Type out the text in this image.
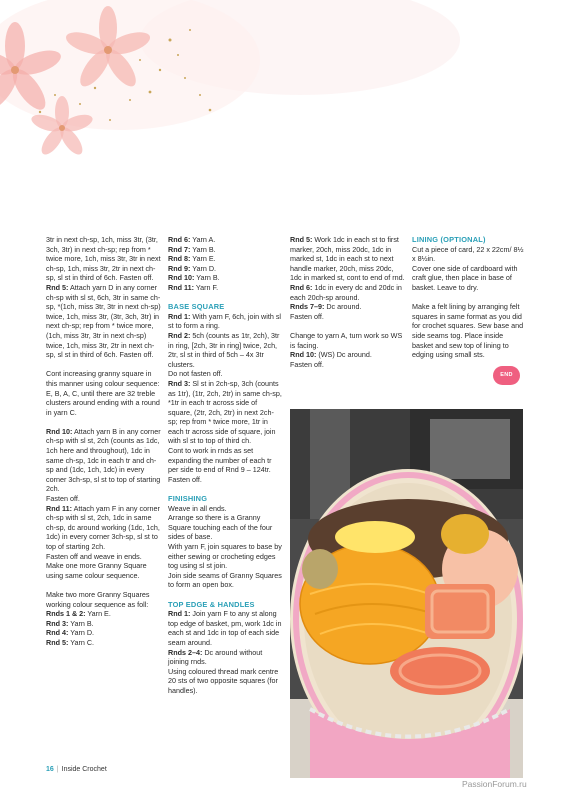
3tr in next ch-sp, 1ch, miss 3tr, (3tr, 3ch, 3tr) in next ch-sp; rep from * twice more, 1ch, miss 3tr, 3tr in next ch-sp, 1ch, miss 3tr, 2tr in next ch-sp, sl st in third of 6ch. Fasten off.

Rnd 5: Attach yarn D in any corner ch-sp with sl st, 6ch, 3tr in same ch-sp, *(1ch, miss 3tr, 3tr in next ch-sp) twice, 1ch, miss 3tr, (3tr, 3ch, 3tr) in next ch-sp; rep from * twice more, (1ch, miss 3tr, 3tr in next ch-sp) twice, 1ch, miss 3tr, 2tr in next ch-sp, sl st in third of 6ch. Fasten off.

Cont increasing granny square in this manner using colour sequence: E, B, A, C, until there are 32 treble clusters around ending with a round in yarn C.

Rnd 10: Attach yarn B in any corner ch-sp with sl st, 2ch (counts as 1dc, 1ch here and throughout), 1dc in same ch-sp, 1dc in each tr and ch-sp and (1dc, 1ch, 1dc) in every corner 3ch-sp, sl st to top of starting 2ch.

Fasten off.

Rnd 11: Attach yarn F in any corner ch-sp with sl st, 2ch, 1dc in same ch-sp, dc around working (1dc, 1ch, 1dc) in every corner 3ch-sp, sl st to top of starting 2ch.

Fasten off and weave in ends. Make one more Granny Square using same colour sequence.

Make two more Granny Squares working colour sequence as foll:

Rnds 1 & 2: Yarn E.

Rnd 3: Yarn B.

Rnd 4: Yarn D.

Rnd 5: Yarn C.

Rnd 6: Yarn A.

Rnd 7: Yarn B.

Rnd 8: Yarn E.

Rnd 9: Yarn D.

Rnd 10: Yarn B.

Rnd 11: Yarn F.

BASE SQUARE

Rnd 1: With yarn F, 6ch, join with sl st to form a ring.

Rnd 2: 5ch (counts as 1tr, 2ch), 3tr in ring, [2ch, 3tr in ring] twice, 2ch, 2tr, sl st in third of 5ch – 4x 3tr clusters.

Do not fasten off.

Rnd 3: Sl st in 2ch-sp, 3ch (counts as 1tr), (1tr, 2ch, 2tr) in same ch-sp, *1tr in each tr across side of square, (2tr, 2ch, 2tr) in next 2ch-sp; rep from * twice more, 1tr in each tr across side of square, join with sl st to top of third ch.

Cont to work in rnds as set expanding the number of each tr per side to end of Rnd 9 – 124tr.

Fasten off.

FINISHING

Weave in all ends.

Arrange so there is a Granny Square touching each of the four sides of base.

With yarn F, join squares to base by either sewing or crocheting edges tog using sl st join.

Join side seams of Granny Squares to form an open box.

TOP EDGE & HANDLES

Rnd 1: Join yarn F to any st along top edge of basket, pm, work 1dc in each st and 1dc in top of each side seam around.

Rnds 2–4: Dc around without joining rnds.

Using coloured thread mark centre 20 sts of two opposite squares (for handles).

Rnd 5: Work 1dc in each st to first marker, 20ch, miss 20dc, 1dc in marked st, 1dc in each st to next handle marker, 20ch, miss 20dc, 1dc in marked st, cont to end of rnd.

Rnd 6: 1dc in every dc and 20dc in each 20ch-sp around.

Rnds 7–9: Dc around.

Fasten off.

Change to yarn A, turn work so WS is facing.

Rnd 10: (WS) Dc around.

Fasten off.

LINING (OPTIONAL)

Cut a piece of card, 22 x 22cm/ 8½ x 8½in.

Cover one side of cardboard with craft glue, then place in base of basket. Leave to dry.

Make a felt lining by arranging felt squares in same format as you did for crochet squares. Sew base and side seams tog. Place inside basket and sew top of lining to edging using small sts.

END
16 | Inside Crochet
PassionForum.ru
